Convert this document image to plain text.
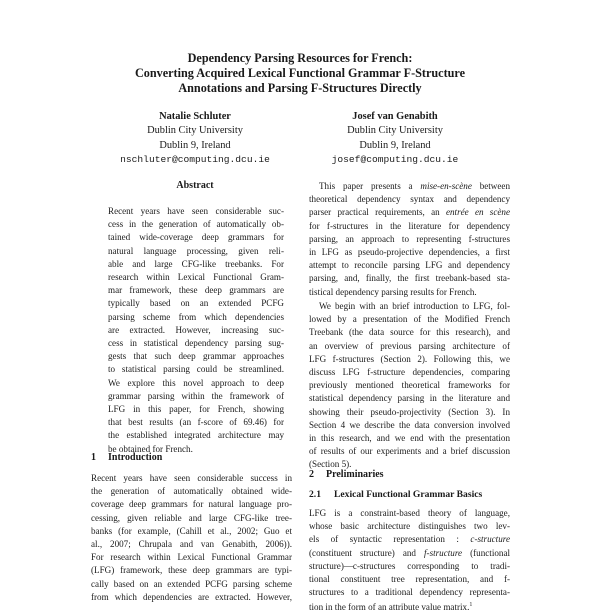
Dependency Parsing Resources for French:
Converting Acquired Lexical Functional Grammar F-Structure
Annotations and Parsing F-Structures Directly
Natalie Schluter
Dublin City University
Dublin 9, Ireland
nschluter@computing.dcu.ie
Josef van Genabith
Dublin City University
Dublin 9, Ireland
josef@computing.dcu.ie
Abstract
Recent years have seen considerable suc-
cess in the generation of automatically ob-
tained wide-coverage deep grammars for
natural language processing, given reli-
able and large CFG-like treebanks. For
research within Lexical Functional Gram-
mar framework, these deep grammars are
typically based on an extended PCFG
parsing scheme from which dependencies
are extracted. However, increasing suc-
cess in statistical dependency parsing sug-
gests that such deep grammar approaches
to statistical parsing could be streamlined.
We explore this novel approach to deep
grammar parsing within the framework of
LFG in this paper, for French, showing
that best results (an f-score of 69.46) for
the established integrated architecture may
be obtained for French.
1 Introduction
Recent years have seen considerable success in
the generation of automatically obtained wide-
coverage deep grammars for natural language pro-
cessing, given reliable and large CFG-like tree-
banks (for example, (Cahill et al., 2002; Guo et
al., 2007; Chrupala and van Genabith, 2006)).
For research within Lexical Functional Grammar
(LFG) framework, these deep grammars are typi-
cally based on an extended PCFG parsing scheme
from which dependencies are extracted. However,
This paper presents a mise-en-scène between
theoretical dependency syntax and dependency
parser practical requirements, an entrée en scène
for f-structures in the literature for dependency
parsing, an approach to representing f-structures
in LFG as pseudo-projective dependencies, a first
attempt to reconcile parsing LFG and dependency
parsing, and, finally, the first treebank-based sta-
tistical dependency parsing results for French.
We begin with an brief introduction to LFG, fol-
lowed by a presentation of the Modified French
Treebank (the data source for this research), and
an overview of previous parsing architecture of
LFG f-structures (Section 2). Following this, we
discuss LFG f-structure dependencies, comparing
previously mentioned theoretical frameworks for
statistical dependency parsing in the literature and
showing their pseudo-projectivity (Section 3). In
Section 4 we describe the data conversion involved
in this research, and we end with the presentation
of results of our experiments and a brief discussion
(Section 5).
2 Preliminaries
2.1 Lexical Functional Grammar Basics
LFG is a constraint-based theory of language,
whose basic architecture distinguishes two lev-
els of syntactic representation : c-structure
(constituent structure) and f-structure (functional
structure)—c-structures corresponding to tradi-
tional constituent tree representation, and f-
structures to a traditional dependency representa-
tion in the form of an attribute value matrix.$^1$
